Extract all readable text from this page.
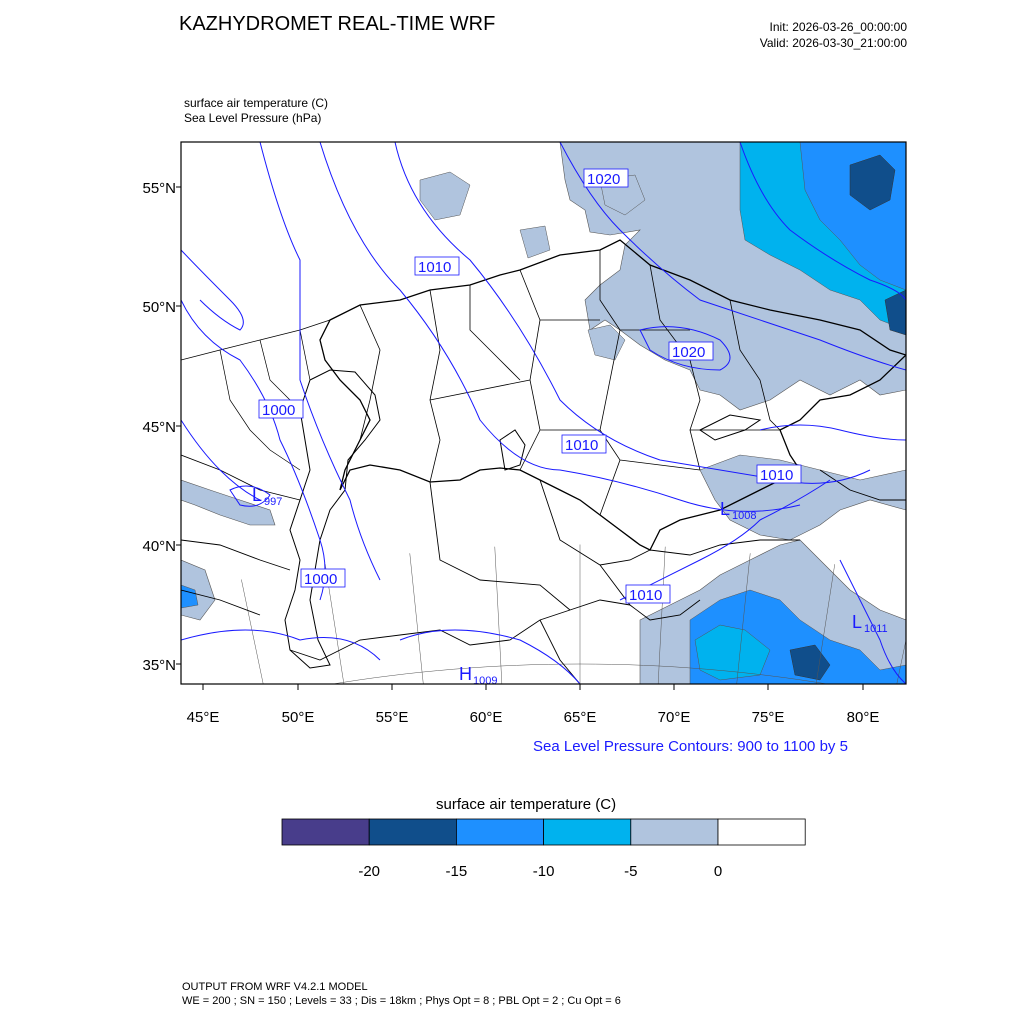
1020
1010
1000
1010
1020
1010
1000
1010
L 997	L 1008
L 1011
H 1009
55°N
50°N
45°N
40°N
35°N
45°E	50°E	55°E	60°E	65°E	70°E	75°E	80°E
-20	-15	-10	-5	0
KAZHYDROMET REAL-TIME WRF	Init: 2026-03-26_00:00:00
Valid: 2026-03-30_21:00:00
surface air temperature (C)
Sea Level Pressure (hPa)
Sea Level Pressure Contours: 900 to 1100 by 5
surface air temperature (C)
OUTPUT FROM WRF V4.2.1 MODEL
WE = 200 ; SN = 150 ; Levels = 33 ; Dis = 18km ; Phys Opt = 8 ; PBL Opt = 2 ; Cu Opt = 6
